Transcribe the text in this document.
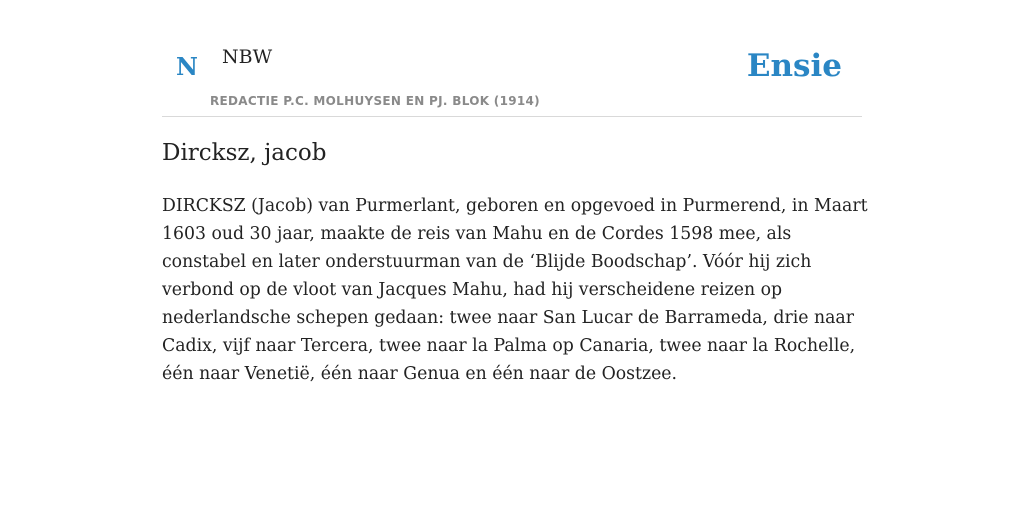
N NBW
REDACTIE P.C. MOLHUYSEN EN PJ. BLOK (1914)
Ensie
Dircksz, jacob

DIRCKSZ (Jacob) van Purmerlant, geboren en opgevoed in Purmerend, in Maart 1603 oud 30 jaar, maakte de reis van Mahu en de Cordes 1598 mee, als constabel en later onderstuurman van de ‘Blijde Boodschap’. Vóór hij zich verbond op de vloot van Jacques Mahu, had hij verscheidene reizen op nederlandsche schepen gedaan: twee naar San Lucar de Barrameda, drie naar Cadix, vijf naar Tercera, twee naar la Palma op Canaria, twee naar la Rochelle, één naar Venetië, één naar Genua en één naar de Oostzee.
